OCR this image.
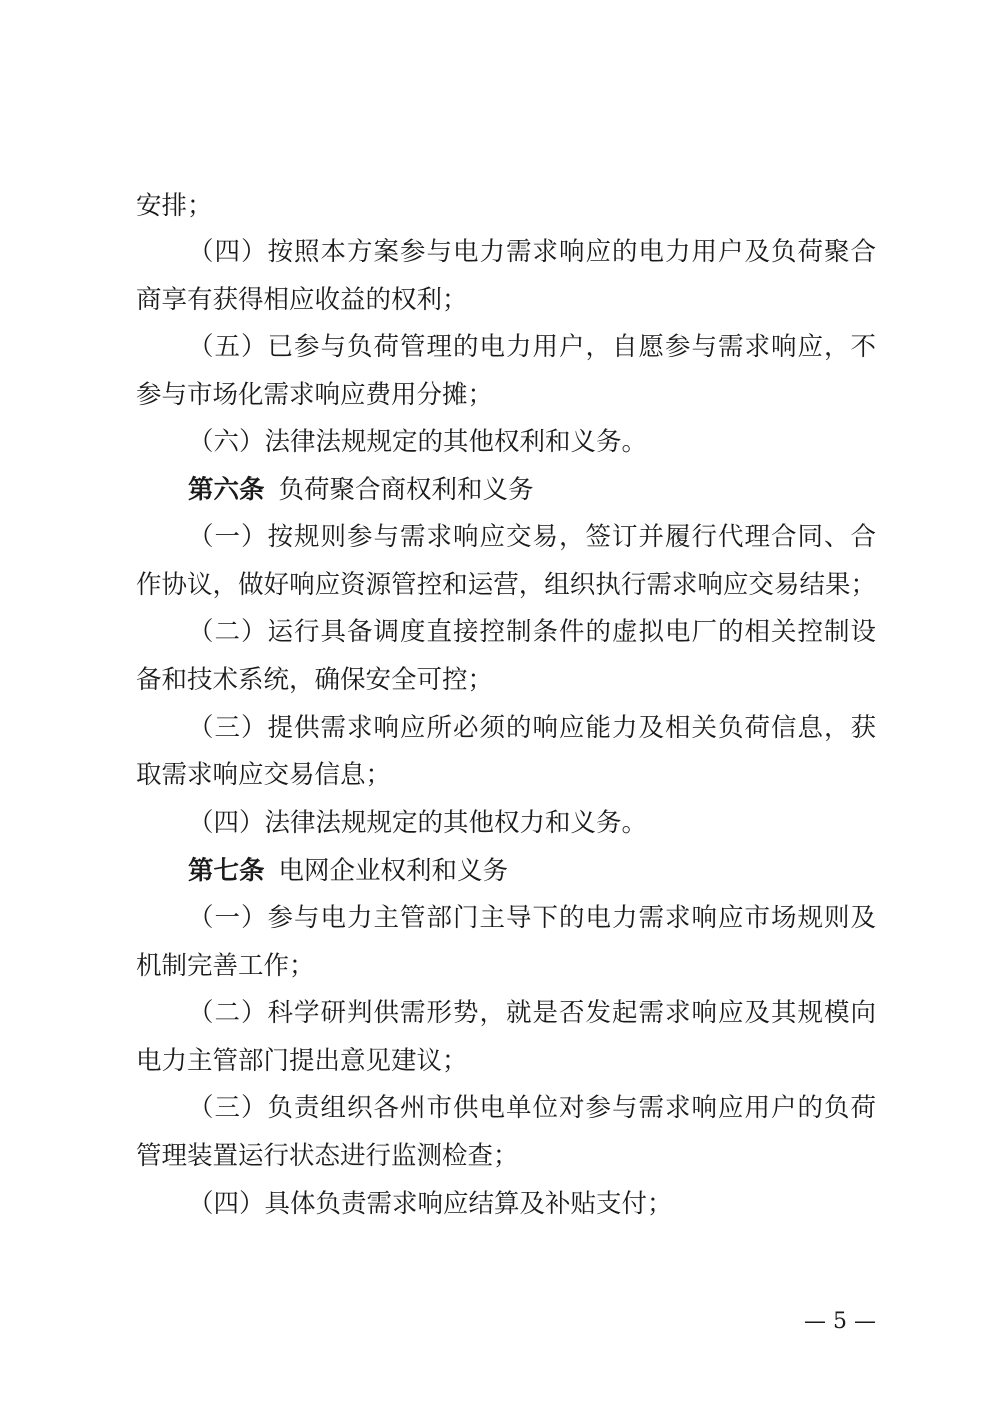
安排；
（四）按照本方案参与电力需求响应的电力用户及负荷聚合
商享有获得相应收益的权利；
（五）已参与负荷管理的电力用户，自愿参与需求响应，不
参与市场化需求响应费用分摊；
（六）法律法规规定的其他权利和义务。
第六条 负荷聚合商权利和义务
（一）按规则参与需求响应交易，签订并履行代理合同、合
作协议，做好响应资源管控和运营，组织执行需求响应交易结果；
（二）运行具备调度直接控制条件的虚拟电厂的相关控制设
备和技术系统，确保安全可控；
（三）提供需求响应所必须的响应能力及相关负荷信息，获
取需求响应交易信息；
（四）法律法规规定的其他权力和义务。
第七条 电网企业权利和义务
（一）参与电力主管部门主导下的电力需求响应市场规则及
机制完善工作；
（二）科学研判供需形势，就是否发起需求响应及其规模向
电力主管部门提出意见建议；
（三）负责组织各州市供电单位对参与需求响应用户的负荷
管理装置运行状态进行监测检查；
（四）具体负责需求响应结算及补贴支付；
— 5 —
